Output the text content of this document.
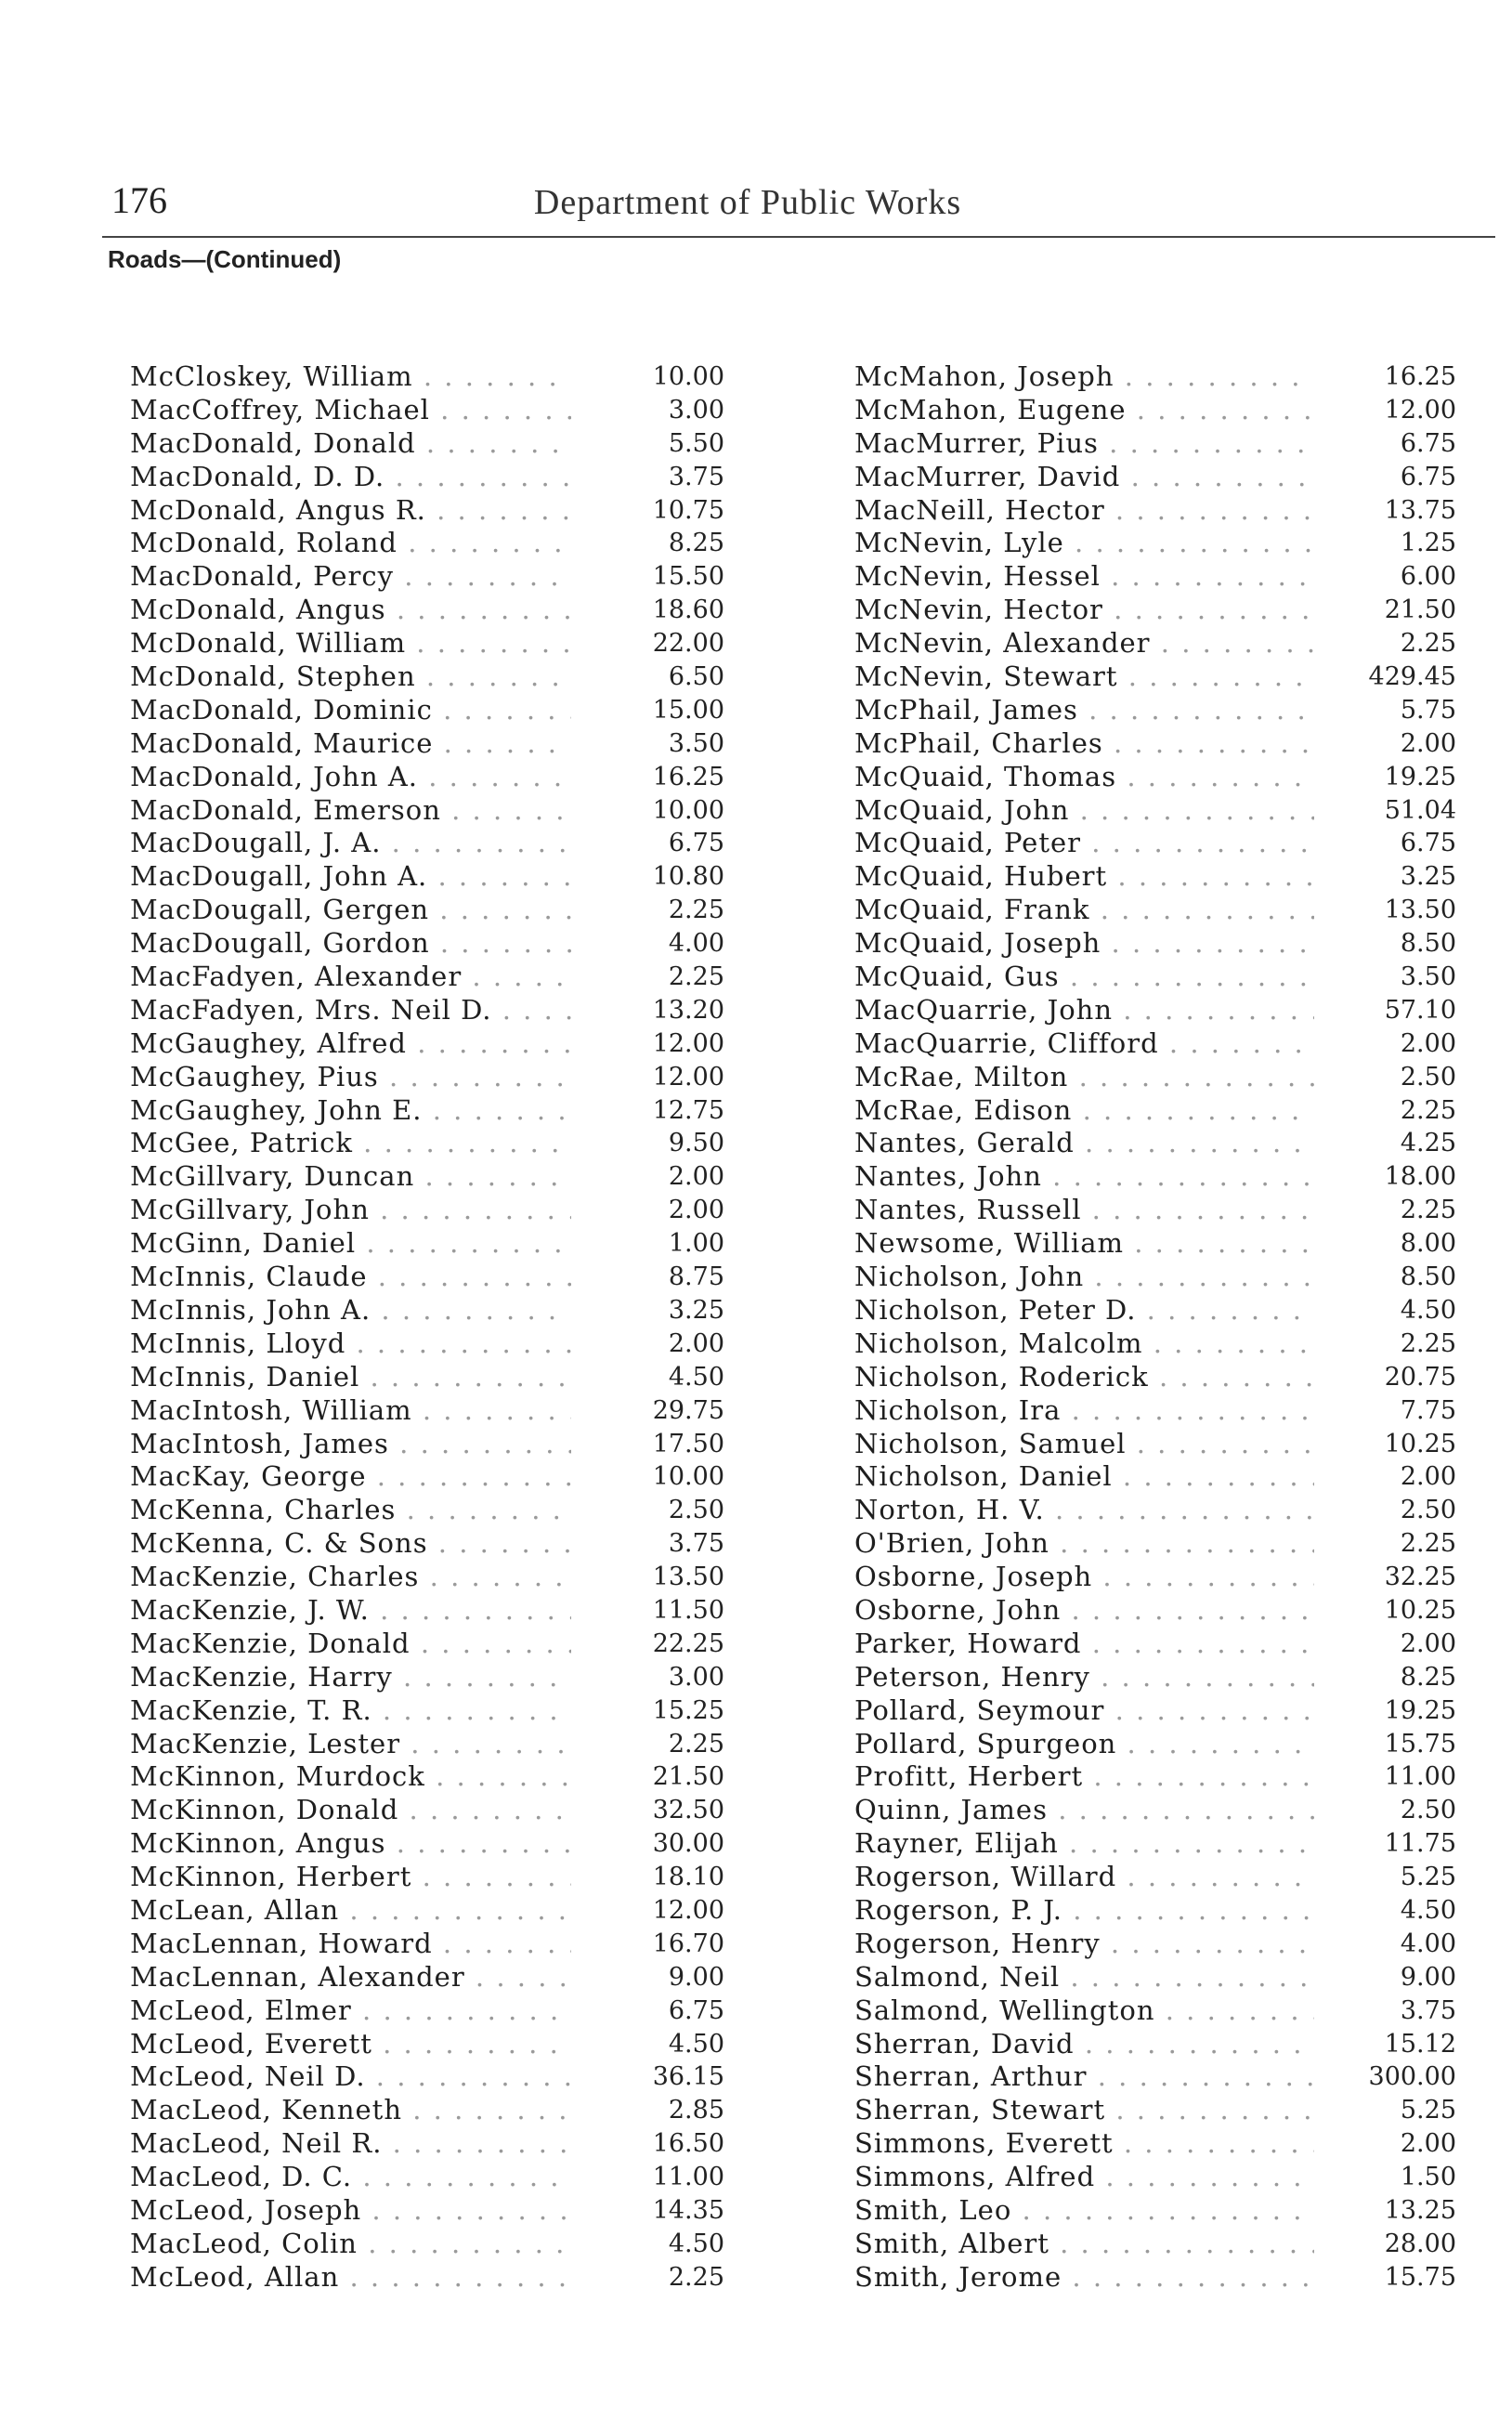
176	Department of Public Works
Roads—(Continued)
McCloskey, William . . .	10.00
MacCoffrey, Michael . . .	3.00
MacDonald, Donald . . .	5.50
MacDonald, D. D. . . .	3.75
McDonald, Angus R. . . .	10.75
McDonald, Roland . . .	8.25
MacDonald, Percy . . .	15.50
McDonald, Angus . . .	18.60
McDonald, William . . .	22.00
McDonald, Stephen . . .	6.50
MacDonald, Dominic . . .	15.00
MacDonald, Maurice . . .	3.50
MacDonald, John A. . . .	16.25
MacDonald, Emerson . . .	10.00
MacDougall, J. A. . . .	6.75
MacDougall, John A. . . .	10.80
MacDougall, Gergen . . .	2.25
MacDougall, Gordon . . .	4.00
MacFadyen, Alexander . . .	2.25
MacFadyen, Mrs. Neil D. . . .	13.20
McGaughey, Alfred . . .	12.00
McGaughey, Pius . . .	12.00
McGaughey, John E. . . .	12.75
McGee, Patrick . . .	9.50
McGillvary, Duncan . . .	2.00
McGillvary, John . . .	2.00
McGinn, Daniel . . .	1.00
McInnis, Claude . . .	8.75
McInnis, John A. . . .	3.25
McInnis, Lloyd . . .	2.00
McInnis, Daniel . . .	4.50
MacIntosh, William . . .	29.75
MacIntosh, James . . .	17.50
MacKay, George . . .	10.00
McKenna, Charles . . .	2.50
McKenna, C. & Sons . . .	3.75
MacKenzie, Charles . . .	13.50
MacKenzie, J. W. . . .	11.50
MacKenzie, Donald . . .	22.25
MacKenzie, Harry . . .	3.00
MacKenzie, T. R. . . .	15.25
MacKenzie, Lester . . .	2.25
McKinnon, Murdock . . .	21.50
McKinnon, Donald . . .	32.50
McKinnon, Angus . . .	30.00
McKinnon, Herbert . . .	18.10
McLean, Allan . . .	12.00
MacLennan, Howard . . .	16.70
MacLennan, Alexander . . .	9.00
McLeod, Elmer . . .	6.75
McLeod, Everett . . .	4.50
McLeod, Neil D. . . .	36.15
MacLeod, Kenneth . . .	2.85
MacLeod, Neil R. . . .	16.50
MacLeod, D. C. . . .	11.00
McLeod, Joseph . . .	14.35
MacLeod, Colin . . .	4.50
McLeod, Allan . . .	2.25
McMahon, Joseph . . .	16.25
McMahon, Eugene . . .	12.00
MacMurrer, Pius . . .	6.75
MacMurrer, David . . .	6.75
MacNeill, Hector . . .	13.75
McNevin, Lyle . . .	1.25
McNevin, Hessel . . .	6.00
McNevin, Hector . . .	21.50
McNevin, Alexander . . .	2.25
McNevin, Stewart . . .	429.45
McPhail, James . . .	5.75
McPhail, Charles . . .	2.00
McQuaid, Thomas . . .	19.25
McQuaid, John . . .	51.04
McQuaid, Peter . . .	6.75
McQuaid, Hubert . . .	3.25
McQuaid, Frank . . .	13.50
McQuaid, Joseph . . .	8.50
McQuaid, Gus . . .	3.50
MacQuarrie, John . . .	57.10
MacQuarrie, Clifford . . .	2.00
McRae, Milton . . .	2.50
McRae, Edison . . .	2.25
Nantes, Gerald . . .	4.25
Nantes, John . . .	18.00
Nantes, Russell . . .	2.25
Newsome, William . . .	8.00
Nicholson, John . . .	8.50
Nicholson, Peter D. . . .	4.50
Nicholson, Malcolm . . .	2.25
Nicholson, Roderick . . .	20.75
Nicholson, Ira . . .	7.75
Nicholson, Samuel . . .	10.25
Nicholson, Daniel . . .	2.00
Norton, H. V. . . .	2.50
O'Brien, John . . .	2.25
Osborne, Joseph . . .	32.25
Osborne, John . . .	10.25
Parker, Howard . . .	2.00
Peterson, Henry . . .	8.25
Pollard, Seymour . . .	19.25
Pollard, Spurgeon . . .	15.75
Profitt, Herbert . . .	11.00
Quinn, James . . .	2.50
Rayner, Elijah . . .	11.75
Rogerson, Willard . . .	5.25
Rogerson, P. J. . . .	4.50
Rogerson, Henry . . .	4.00
Salmond, Neil . . .	9.00
Salmond, Wellington . . .	3.75
Sherran, David . . .	15.12
Sherran, Arthur . . .	300.00
Sherran, Stewart . . .	5.25
Simmons, Everett . . .	2.00
Simmons, Alfred . . .	1.50
Smith, Leo . . .	13.25
Smith, Albert . . .	28.00
Smith, Jerome . . .	15.75
